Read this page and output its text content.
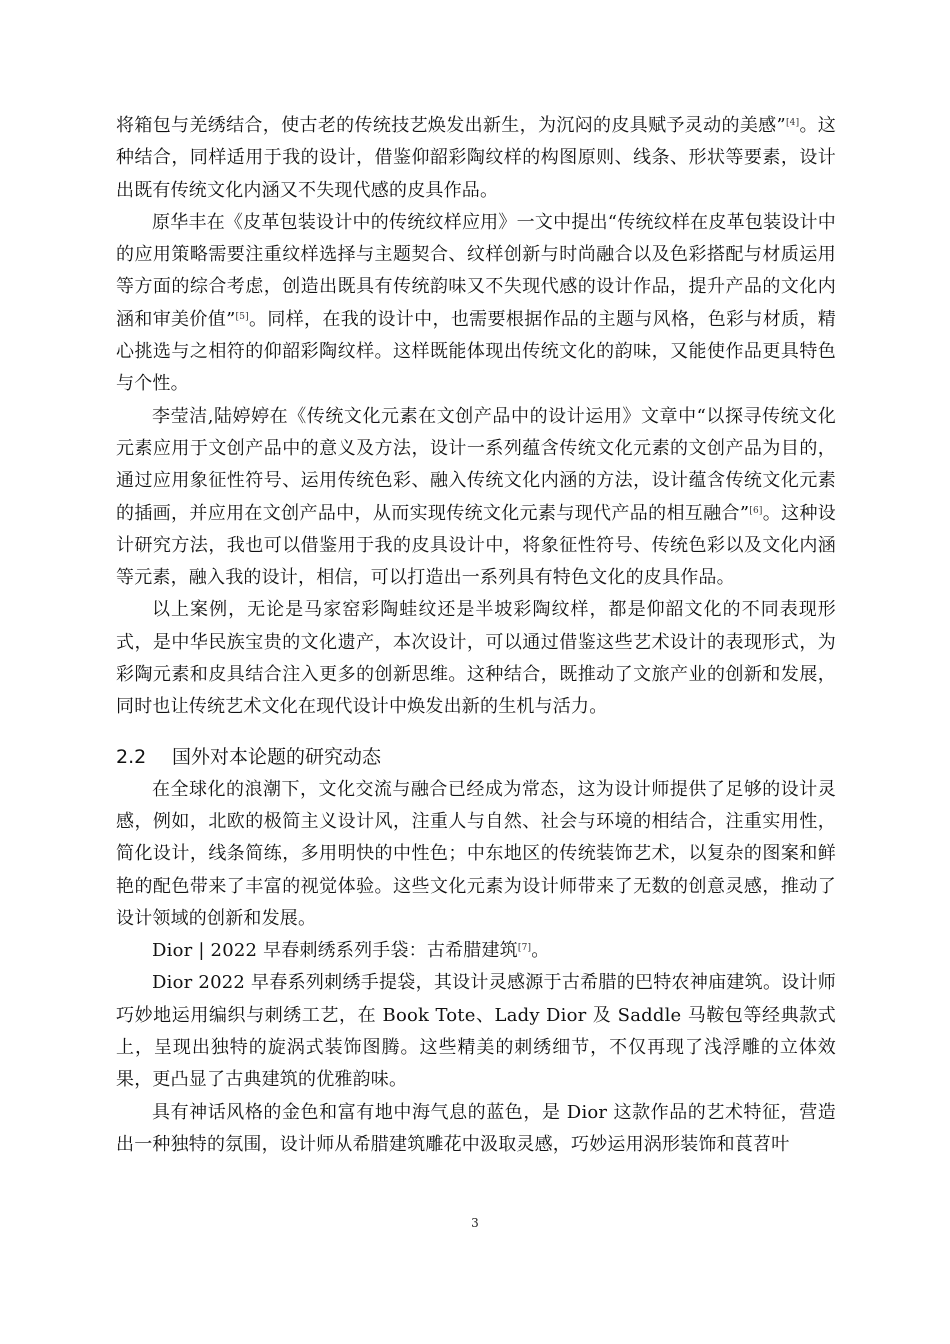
将箱包与羌绣结合，使古老的传统技艺焕发出新生，为沉闷的皮具赋予灵动的美感”[4]。这种结合，同样适用于我的设计，借鉴仰韶彩陶纹样的构图原则、线条、形状等要素，设计出既有传统文化内涵又不失现代感的皮具作品。

原华丰在《皮革包装设计中的传统纹样应用》一文中提出“传统纹样在皮革包装设计中的应用策略需要注重纹样选择与主题契合、纹样创新与时尚融合以及色彩搭配与材质运用等方面的综合考虑，创造出既具有传统韵味又不失现代感的设计作品，提升产品的文化内涵和审美价值”[5]。同样，在我的设计中，也需要根据作品的主题与风格，色彩与材质，精心挑选与之相符的仰韶彩陶纹样。这样既能体现出传统文化的韵味，又能使作品更具特色与个性。

李莹洁,陆婷婷在《传统文化元素在文创产品中的设计运用》文章中“以探寻传统文化元素应用于文创产品中的意义及方法，设计一系列蕴含传统文化元素的文创产品为目的，通过应用象征性符号、运用传统色彩、融入传统文化内涵的方法，设计蕴含传统文化元素的插画，并应用在文创产品中，从而实现传统文化元素与现代产品的相互融合”[6]。这种设计研究方法，我也可以借鉴用于我的皮具设计中，将象征性符号、传统色彩以及文化内涵等元素，融入我的设计，相信，可以打造出一系列具有特色文化的皮具作品。

以上案例，无论是马家窑彩陶蛙纹还是半坡彩陶纹样，都是仰韶文化的不同表现形式，是中华民族宝贵的文化遗产，本次设计，可以通过借鉴这些艺术设计的表现形式，为彩陶元素和皮具结合注入更多的创新思维。这种结合，既推动了文旅产业的创新和发展，同时也让传统艺术文化在现代设计中焕发出新的生机与活力。

2.2 国外对本论题的研究动态

在全球化的浪潮下，文化交流与融合已经成为常态，这为设计师提供了足够的设计灵感，例如，北欧的极简主义设计风，注重人与自然、社会与环境的相结合，注重实用性，简化设计，线条简练，多用明快的中性色；中东地区的传统装饰艺术，以复杂的图案和鲜艳的配色带来了丰富的视觉体验。这些文化元素为设计师带来了无数的创意灵感，推动了设计领域的创新和发展。

Dior | 2022 早春刺绣系列手袋：古希腊建筑[7]。

Dior 2022 早春系列刺绣手提袋，其设计灵感源于古希腊的巴特农神庙建筑。设计师巧妙地运用编织与刺绣工艺，在 Book Tote、Lady Dior 及 Saddle 马鞍包等经典款式上，呈现出独特的旋涡式装饰图腾。这些精美的刺绣细节，不仅再现了浅浮雕的立体效果，更凸显了古典建筑的优雅韵味。

具有神话风格的金色和富有地中海气息的蓝色，是 Dior 这款作品的艺术特征，营造出一种独特的氛围，设计师从希腊建筑雕花中汲取灵感，巧妙运用涡形装饰和莨苕叶

3
